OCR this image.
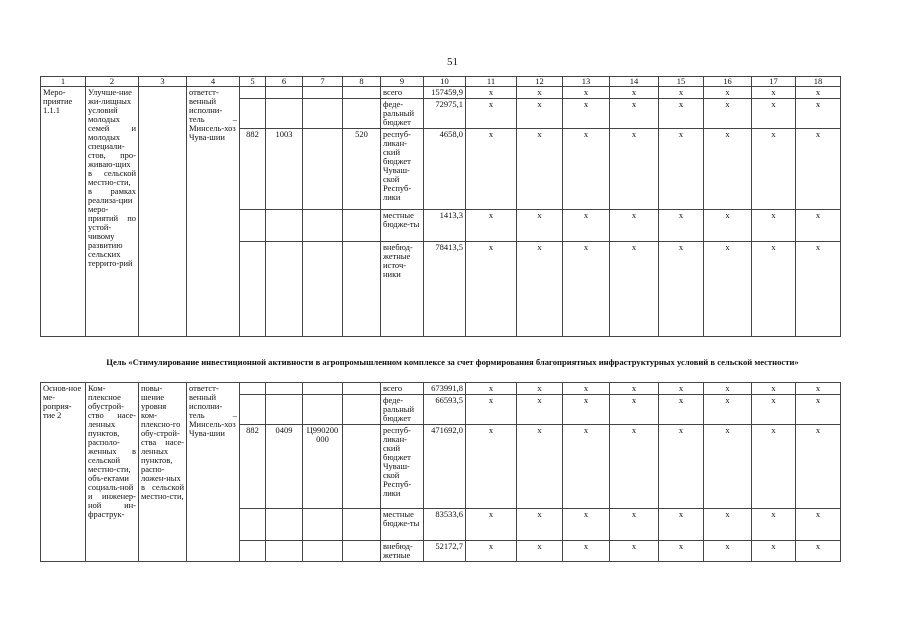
51
1	2	3	4	5	6	7	8	9	10	11	12	13	14	15	16	17	18
Меро-приятие 1.1.1	Улучше-ние жи-лищных условий молодых семей и молодых специали-стов, про-живаю-щих в сельской местно-сти, в рамках реализа-ции меро-приятий по устой-чивому развитию сельских террито-рий		ответст-венный исполни-тель – Минсель-хоз Чува-шии					всего	157459,9	x	x	x	x	x	x	x	x
								феде-ральный бюджет	72975,1	x	x	x	x	x	x	x	x
				882	1003		520	респуб-ликан-ский бюджет Чуваш-ской Респуб-лики	4658,0	x	x	x	x	x	x	x	x
								местные бюдже-ты	1413,3	x	x	x	x	x	x	x	x
								внебюд-жетные источ-ники	78413,5	x	x	x	x	x	x	x	x
Цель «Стимулирование инвестиционной активности в агропромышленном комплексе за счет формирования благоприятных инфраструктурных условий в сельской местности»
Основ-ное ме-роприя-тие 2	Ком-плексное обустрой-ство насе-ленных пунктов, располо-женных в сельской местно-сти, объ-ектами социаль-ной и инженер-ной ин-фраструк-	повы-шение уровня ком-плексно-го обу-строй-ства насе-ленных пунктов, распо-ложен-ных в сельской местно-сти,	ответст-венный исполни-тель – Минсель-хоз Чува-шии					всего	673991,8	x	x	x	x	x	x	x	x
								феде-ральный бюджет	66593,5	x	x	x	x	x	x	x	x
				882	0409	Ц990200 000		респуб-ликан-ский бюджет Чуваш-ской Респуб-лики	471692,0	x	x	x	x	x	x	x	x
								местные бюдже-ты	83533,6	x	x	x	x	x	x	x	x
								внебюд-жетные	52172,7	x	x	x	x	x	x	x	x
